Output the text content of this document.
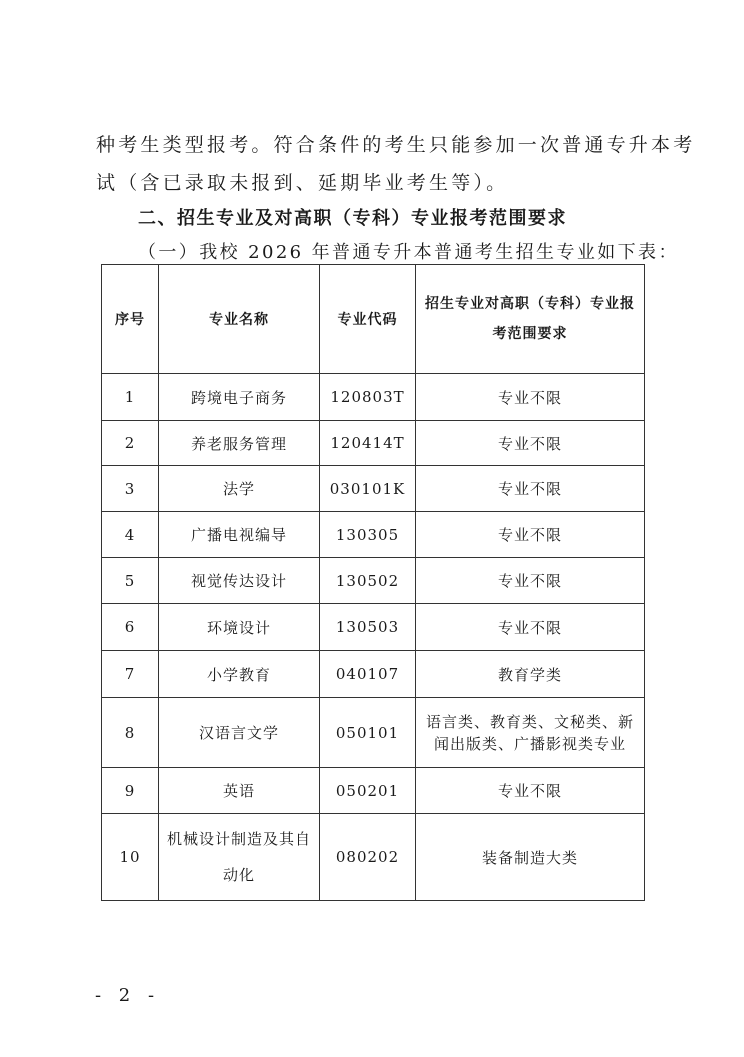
种考生类型报考。符合条件的考生只能参加一次普通专升本考
试（含已录取未报到、延期毕业考生等）。
二、招生专业及对高职（专科）专业报考范围要求
（一）我校 2026 年普通专升本普通考生招生专业如下表：
序号	专业名称	专业代码	招生专业对高职（专科）专业报考范围要求
1	跨境电子商务	120803T	专业不限
2	养老服务管理	120414T	专业不限
3	法学	030101K	专业不限
4	广播电视编导	130305	专业不限
5	视觉传达设计	130502	专业不限
6	环境设计	130503	专业不限
7	小学教育	040107	教育学类
8	汉语言文学	050101	语言类、教育类、文秘类、新闻出版类、广播影视类专业
9	英语	050201	专业不限
10	机械设计制造及其自动化	080202	装备制造大类
- 2 -
